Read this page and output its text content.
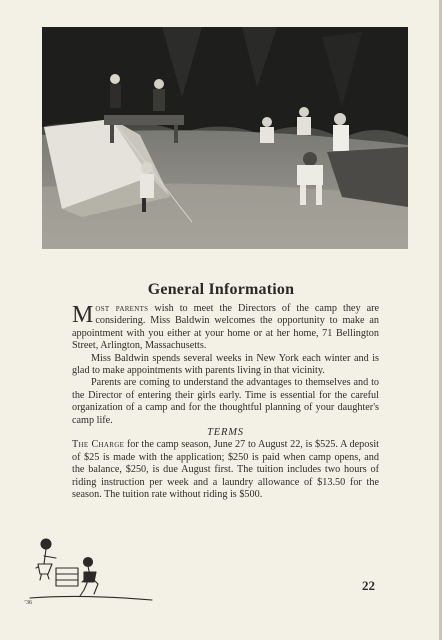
General Information

Most parents wish to meet the Directors of the camp they are considering. Miss Baldwin welcomes the opportunity to make an appointment with you either at your home or at her home, 71 Bellington Street, Arlington, Massachusetts.

Miss Baldwin spends several weeks in New York each winter and is glad to make appointments with parents living in that vicinity.

Parents are coming to understand the advantages to themselves and to the Director of entering their girls early. Time is essential for the careful organization of a camp and for the thoughtful planning of your daughter's camp life.

TERMS

The Charge for the camp season, June 27 to August 22, is $525. A deposit of $25 is made with the application; $250 is paid when camp opens, and the balance, $250, is due August first. The tuition includes two hours of riding instruction per week and a laundry allowance of $13.50 for the season. The tuition rate without riding is $500.

’36
22
